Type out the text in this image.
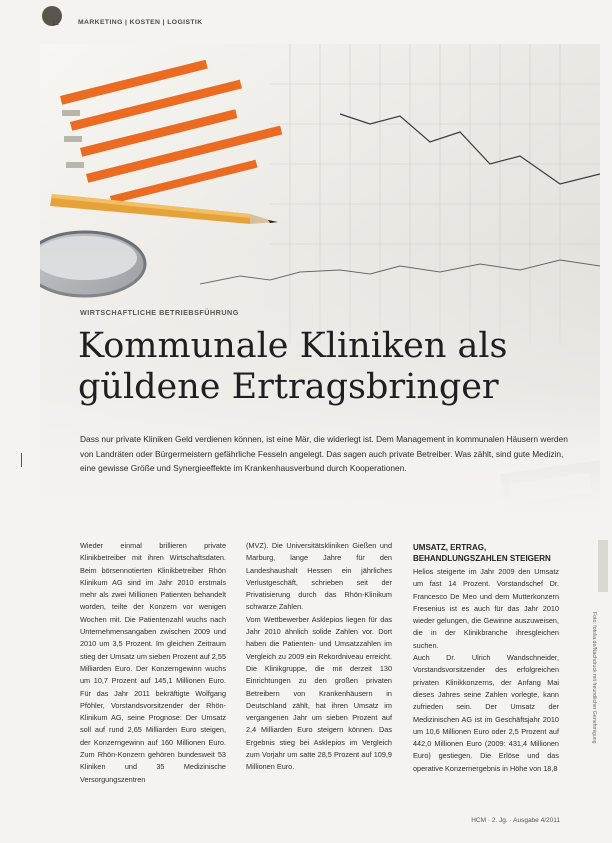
12	MARKETING | KOSTEN | LOGISTIK
WIRTSCHAFTLICHE BETRIEBSFÜHRUNG
Kommunale Kliniken als güldene Ertragsbringer

Dass nur private Kliniken Geld verdienen können, ist eine Mär, die widerlegt ist. Dem Management in kommunalen Häusern werden von Landräten oder Bürgermeistern gefährliche Fesseln angelegt. Das sagen auch private Betreiber. Was zählt, sind gute Medizin, eine gewisse Größe und Synergieeffekte im Krankenhausverbund durch Kooperationen.

Wieder einmal brillieren private Klinikbetreiber mit ihren Wirtschaftsdaten. Beim börsennotierten Klinikbetreiber Rhön Klinikum AG sind im Jahr 2010 erstmals mehr als zwei Millionen Patienten behandelt worden, teilte der Konzern vor wenigen Wochen mit. Die Patientenzahl wuchs nach Unternehmensangaben zwischen 2009 und 2010 um 3,5 Prozent. Im gleichen Zeitraum stieg der Umsatz um sieben Prozent auf 2,55 Milliarden Euro. Der Konzerngewinn wuchs um 10,7 Prozent auf 145,1 Millionen Euro. Für das Jahr 2011 bekräftigte Wolfgang Pföhler, Vorstandsvorsitzender der Rhön-Klinikum AG, seine Prognose: Der Umsatz soll auf rund 2,65 Milliarden Euro steigen, der Konzerngewinn auf 160 Millionen Euro. Zum Rhön-Konzern gehören bundesweit 53 Kliniken und 35 Medizinische Versorgungszentren

(MVZ). Die Universitätskliniken Gießen und Marburg, lange Jahre für den Landeshaushalt Hessen ein jährliches Verlustgeschäft, schrieben seit der Privatisierung durch das Rhön-Klinikum schwarze Zahlen.
Vom Wettbewerber Asklepios liegen für das Jahr 2010 ähnlich solide Zahlen vor. Dort haben die Patienten- und Umsatzzahlen im Vergleich zu 2009 ein Rekordniveau erreicht. Die Klinikgruppe, die mit derzeit 130 Einrichtungen zu den großen privaten Betreibern von Krankenhäusern in Deutschland zählt, hat ihren Umsatz im vergangenen Jahr um sieben Prozent auf 2,4 Milliarden Euro steigern können. Das Ergebnis stieg bei Asklepios im Vergleich zum Vorjahr um satte 28,5 Prozent auf 109,9 Millionen Euro.

UMSATZ, ERTRAG, BEHANDLUNGSZAHLEN STEIGERN

Helios steigerte im Jahr 2009 den Umsatz um fast 14 Prozent. Vorstandschef Dr. Francesco De Meo und dem Mutterkonzern Fresenius ist es auch für das Jahr 2010 wieder gelungen, die Gewinne auszuweisen, die in der Klinikbranche ihresgleichen suchen.
Auch Dr. Ulrich Wandschneider, Vorstandsvorsitzender des erfolgreichen privaten Klinikkonzerns, der Anfang Mai dieses Jahres seine Zahlen vorlegte, kann zufrieden sein. Der Umsatz der Medizinischen AG ist im Geschäftsjahr 2010 um 10,6 Millionen Euro oder 2,5 Prozent auf 442,0 Millionen Euro (2009: 431,4 Millionen Euro) gestiegen. Die Erlöse und das operative Konzernergebnis in Höhe von 18,8

Foto: fotolia.de/Nachdruck mit freundlicher Genehmigung
HCM · 2. Jg. · Ausgabe 4/2011
